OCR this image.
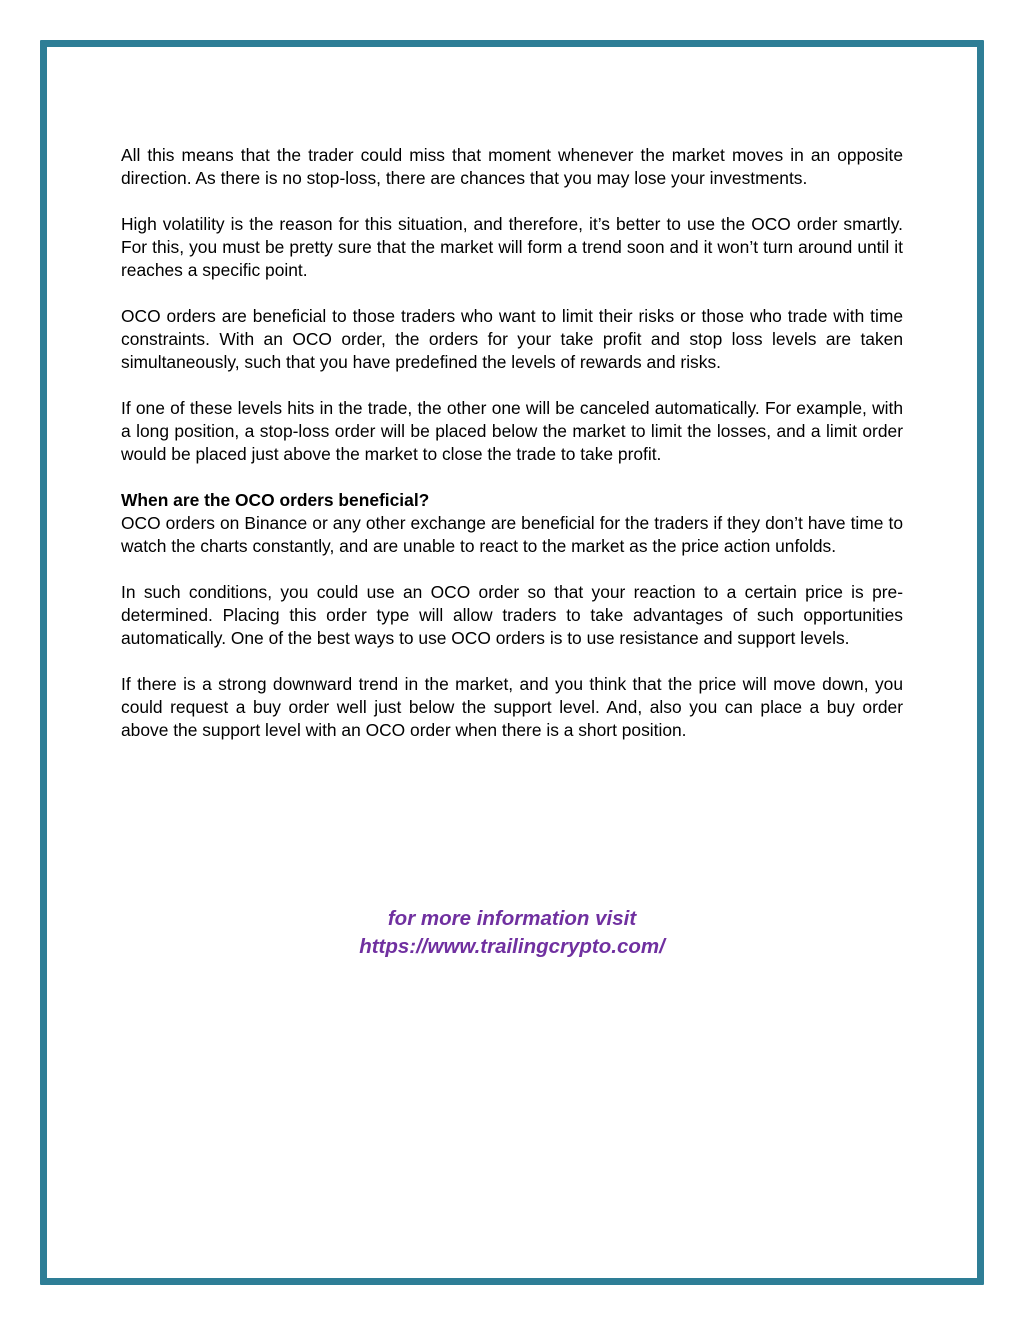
All this means that the trader could miss that moment whenever the market moves in an opposite direction. As there is no stop-loss, there are chances that you may lose your investments.

High volatility is the reason for this situation, and therefore, it’s better to use the OCO order smartly. For this, you must be pretty sure that the market will form a trend soon and it won’t turn around until it reaches a specific point.

OCO orders are beneficial to those traders who want to limit their risks or those who trade with time constraints. With an OCO order, the orders for your take profit and stop loss levels are taken simultaneously, such that you have predefined the levels of rewards and risks.

If one of these levels hits in the trade, the other one will be canceled automatically. For example, with a long position, a stop-loss order will be placed below the market to limit the losses, and a limit order would be placed just above the market to close the trade to take profit.

When are the OCO orders beneficial?

OCO orders on Binance or any other exchange are beneficial for the traders if they don’t have time to watch the charts constantly, and are unable to react to the market as the price action unfolds.

In such conditions, you could use an OCO order so that your reaction to a certain price is pre-determined. Placing this order type will allow traders to take advantages of such opportunities automatically. One of the best ways to use OCO orders is to use resistance and support levels.

If there is a strong downward trend in the market, and you think that the price will move down, you could request a buy order well just below the support level. And, also you can place a buy order above the support level with an OCO order when there is a short position.

for more information visit
https://www.trailingcrypto.com/
